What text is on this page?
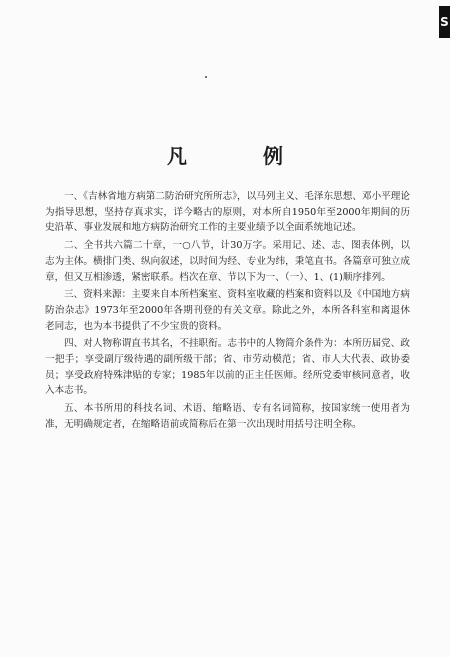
S
凡　例

一、《吉林省地方病第二防治研究所所志》，以马列主义、毛泽东思想、邓小平理论为指导思想，坚持存真求实，详今略古的原则，对本所自1950年至2000年期间的历史沿革、事业发展和地方病防治研究工作的主要业绩予以全面系统地记述。

二、全书共六篇二十章，一○八节，计30万字。采用记、述、志、图表体例，以志为主体。横排门类、纵向叙述，以时间为经、专业为纬，秉笔直书。各篇章可独立成章，但又互相渗透，紧密联系。档次在章、节以下为一、（一）、1、(1)顺序排列。

三、资料来源：主要来自本所档案室、资料室收藏的档案和资料以及《中国地方病防治杂志》1973年至2000年各期刊登的有关文章。除此之外，本所各科室和离退休老同志，也为本书提供了不少宝贵的资料。

四、对人物称谓直书其名，不挂职衔。志书中的人物简介条件为：本所历届党、政一把手；享受副厅级待遇的副所级干部；省、市劳动模范；省、市人大代表、政协委员；享受政府特殊津贴的专家；1985年以前的正主任医师。经所党委审核同意者，收入本志书。

五、本书所用的科技名词、术语、缩略语、专有名词简称，按国家统一使用者为准，无明确规定者，在缩略语前或简称后在第一次出现时用括号注明全称。
